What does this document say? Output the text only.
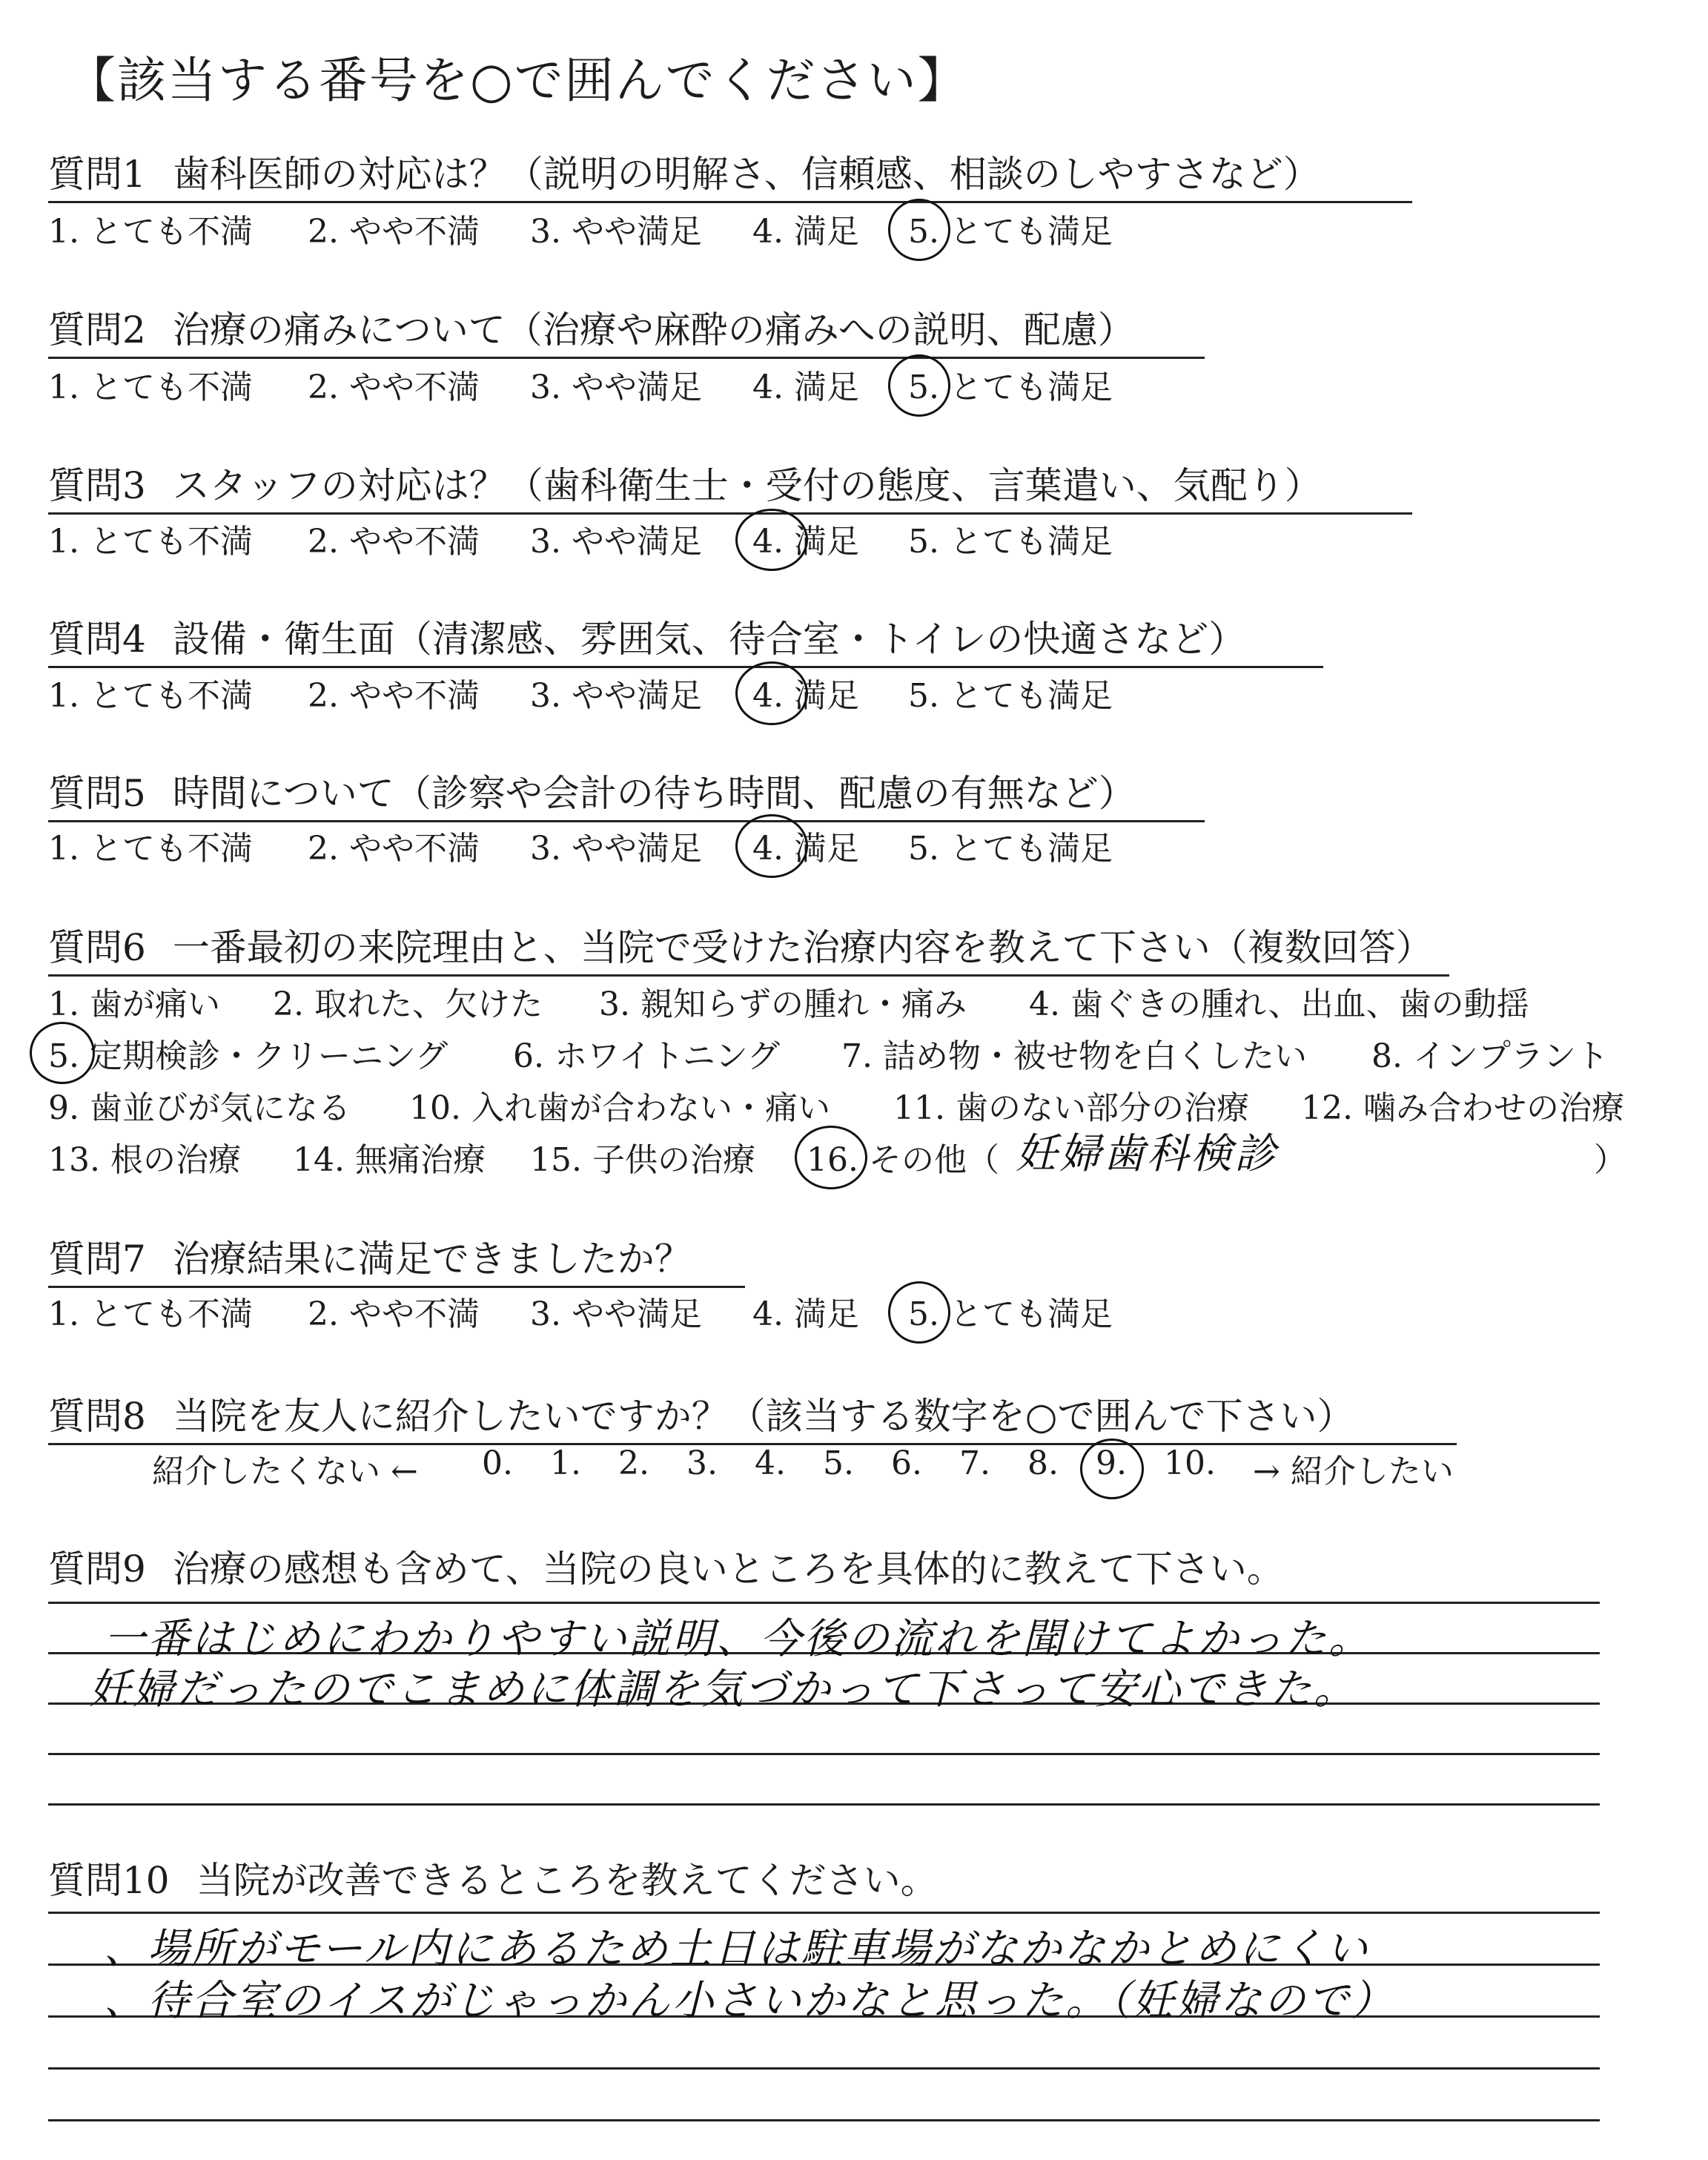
【該当する番号を○で囲んでください】
質問1 歯科医師の対応は？（説明の明解さ、信頼感、相談のしやすさなど）
1. とても不満 2. やや不満 3. やや満足 4. 満足 5. とても満足
質問2 治療の痛みについて（治療や麻酔の痛みへの説明、配慮）
1. とても不満 2. やや不満 3. やや満足 4. 満足 5. とても満足
質問3 スタッフの対応は？（歯科衛生士・受付の態度、言葉遣い、気配り）
1. とても不満 2. やや不満 3. やや満足 4. 満足 5. とても満足
質問4 設備・衛生面（清潔感、雰囲気、待合室・トイレの快適さなど）
1. とても不満 2. やや不満 3. やや満足 4. 満足 5. とても満足
質問5 時間について（診察や会計の待ち時間、配慮の有無など）
1. とても不満 2. やや不満 3. やや満足 4. 満足 5. とても満足
質問6 一番最初の来院理由と、当院で受けた治療内容を教えて下さい（複数回答）
1. 歯が痛い 2. 取れた、欠けた 3. 親知らずの腫れ・痛み 4. 歯ぐきの腫れ、出血、歯の動揺
5. 定期検診・クリーニング 6. ホワイトニング 7. 詰め物・被せ物を白くしたい 8. インプラント
9. 歯並びが気になる 10. 入れ歯が合わない・痛い 11. 歯のない部分の治療 12. 噛み合わせの治療
13. 根の治療 14. 無痛治療 15. 子供の治療 16. その他（ 妊婦歯科検診	）
質問7 治療結果に満足できましたか？
1. とても不満 2. やや不満 3. やや満足 4. 満足 5. とても満足
質問8 当院を友人に紹介したいですか？（該当する数字を○で囲んで下さい）
紹介したくない ← 0. 1. 2. 3. 4. 5. 6. 7. 8. 9. 10. → 紹介したい
質問9 治療の感想も含めて、当院の良いところを具体的に教えて下さい。
一番はじめにわかりやすい説明、今後の流れを聞けてよかった。
妊婦だったのでこまめに体調を気づかって下さって安心できた。
質問10 当院が改善できるところを教えてください。
、場所がモール内にあるため土日は駐車場がなかなかとめにくい
、待合室のイスがじゃっかん小さいかなと思った。（妊婦なので）
